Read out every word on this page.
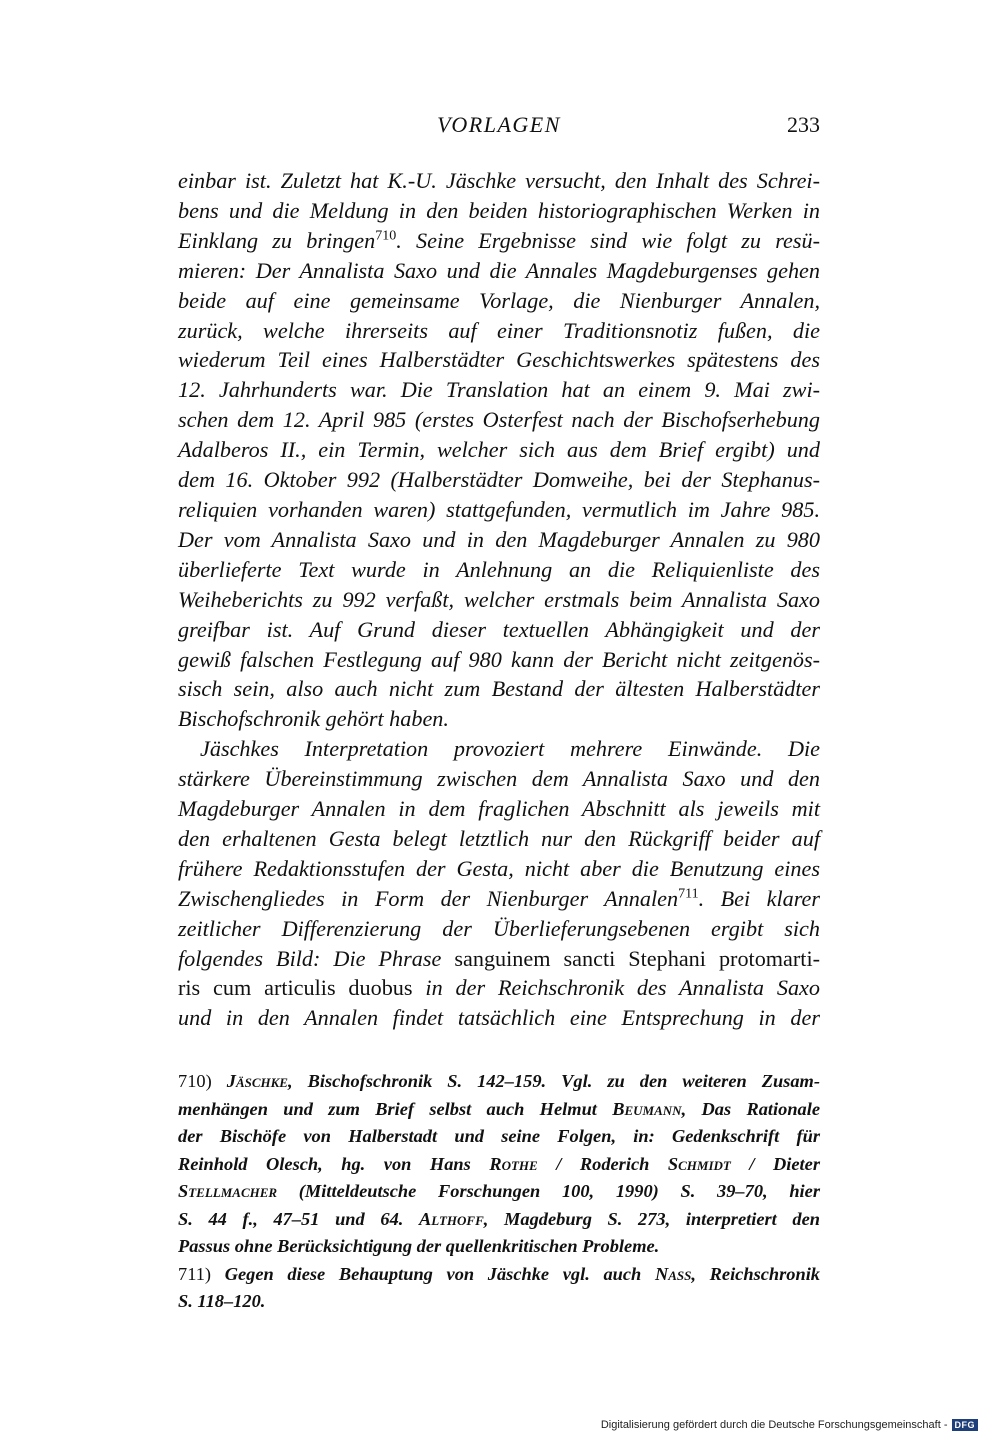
VORLAGEN	233
einbar ist. Zuletzt hat K.-U. Jäschke versucht, den Inhalt des Schrei-
bens und die Meldung in den beiden historiographischen Werken in
Einklang zu bringen$^{710}$. Seine Ergebnisse sind wie folgt zu resü-
mieren: Der Annalista Saxo und die Annales Magdeburgenses gehen
beide auf eine gemeinsame Vorlage, die Nienburger Annalen,
zurück, welche ihrerseits auf einer Traditionsnotiz fußen, die
wiederum Teil eines Halberstädter Geschichtswerkes spätestens des
12. Jahrhunderts war. Die Translation hat an einem 9. Mai zwi-
schen dem 12. April 985 (erstes Osterfest nach der Bischofserhebung
Adalberos II., ein Termin, welcher sich aus dem Brief ergibt) und
dem 16. Oktober 992 (Halberstädter Domweihe, bei der Stephanus-
reliquien vorhanden waren) stattgefunden, vermutlich im Jahre 985.
Der vom Annalista Saxo und in den Magdeburger Annalen zu 980
überlieferte Text wurde in Anlehnung an die Reliquienliste des
Weiheberichts zu 992 verfaßt, welcher erstmals beim Annalista Saxo
greifbar ist. Auf Grund dieser textuellen Abhängigkeit und der
gewiß falschen Festlegung auf 980 kann der Bericht nicht zeitgenös-
sisch sein, also auch nicht zum Bestand der ältesten Halberstädter
Bischofschronik gehört haben.
Jäschkes Interpretation provoziert mehrere Einwände. Die
stärkere Übereinstimmung zwischen dem Annalista Saxo und den
Magdeburger Annalen in dem fraglichen Abschnitt als jeweils mit
den erhaltenen Gesta belegt letztlich nur den Rückgriff beider auf
frühere Redaktionsstufen der Gesta, nicht aber die Benutzung eines
Zwischengliedes in Form der Nienburger Annalen$^{711}$. Bei klarer
zeitlicher Differenzierung der Überlieferungsebenen ergibt sich
folgendes Bild: Die Phrase sanguinem sancti Stephani protomarti-
ris cum articulis duobus in der Reichschronik des Annalista Saxo
und in den Annalen findet tatsächlich eine Entsprechung in der
710) Jäschke, Bischofschronik S. 142–159. Vgl. zu den weiteren Zusam-
menhängen und zum Brief selbst auch Helmut Beumann, Das Rationale
der Bischöfe von Halberstadt und seine Folgen, in: Gedenkschrift für
Reinhold Olesch, hg. von Hans Rothe / Roderich Schmidt / Dieter
Stellmacher (Mitteldeutsche Forschungen 100, 1990) S. 39–70, hier
S. 44 f., 47–51 und 64. Althoff, Magdeburg S. 273, interpretiert den
Passus ohne Berücksichtigung der quellenkritischen Probleme.
711) Gegen diese Behauptung von Jäschke vgl. auch Nass, Reichschronik
S. 118–120.
Digitalisierung gefördert durch die Deutsche Forschungsgemeinschaft - DFG
